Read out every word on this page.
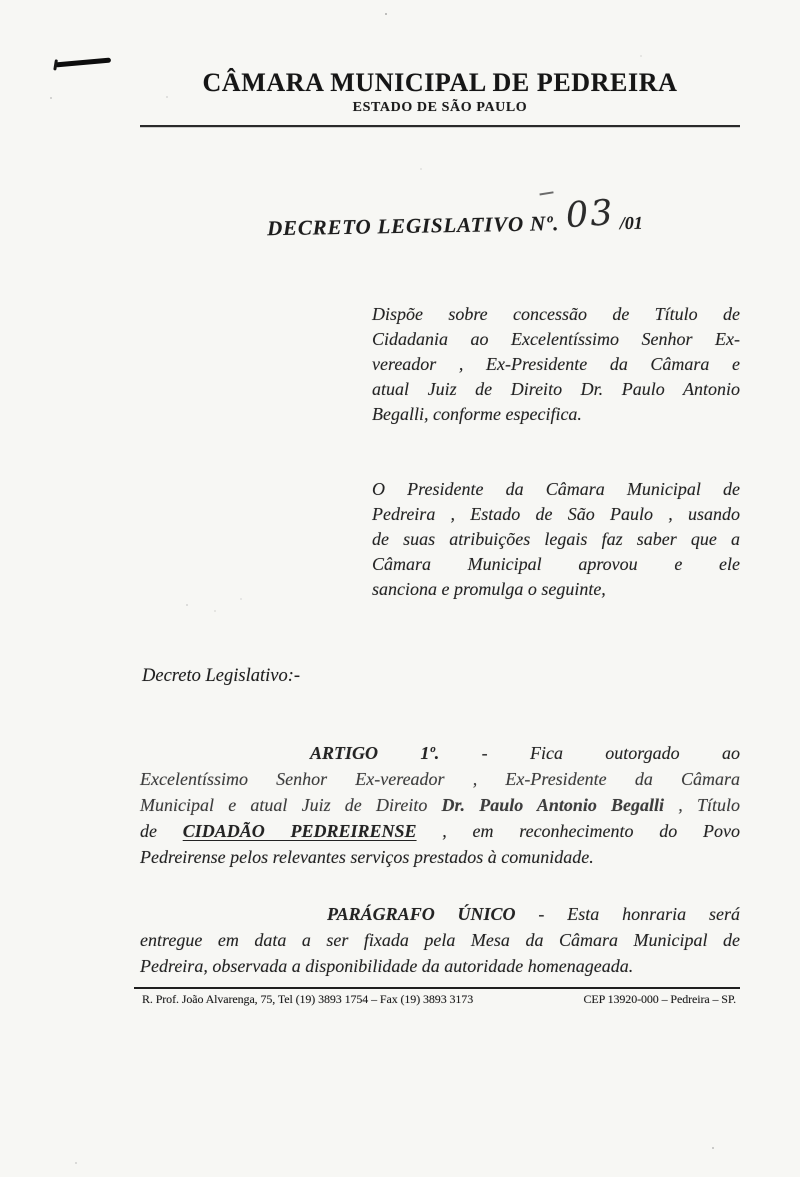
CÂMARA MUNICIPAL DE PEDREIRA
ESTADO DE SÃO PAULO
DECRETO LEGISLATIVO Nº. 03 /01
Dispõe sobre concessão de Título de
Cidadania ao Excelentíssimo Senhor Ex-
vereador , Ex-Presidente da Câmara e
atual Juiz de Direito Dr. Paulo Antonio
Begalli, conforme especifica.
O Presidente da Câmara Municipal de
Pedreira , Estado de São Paulo , usando
de suas atribuições legais faz saber que a
Câmara Municipal aprovou e ele
sanciona e promulga o seguinte,
Decreto Legislativo:-
ARTIGO 1º. - Fica outorgado ao
Excelentíssimo Senhor Ex-vereador , Ex-Presidente da Câmara
Municipal e atual Juiz de Direito Dr. Paulo Antonio Begalli , Título
de CIDADÃO PEDREIRENSE , em reconhecimento do Povo
Pedreirense pelos relevantes serviços prestados à comunidade.
PARÁGRAFO ÚNICO - Esta honraria será
entregue em data a ser fixada pela Mesa da Câmara Municipal de
Pedreira, observada a disponibilidade da autoridade homenageada.
R. Prof. João Alvarenga, 75, Tel (19) 3893 1754 – Fax (19) 3893 3173	CEP 13920-000 – Pedreira – SP.
